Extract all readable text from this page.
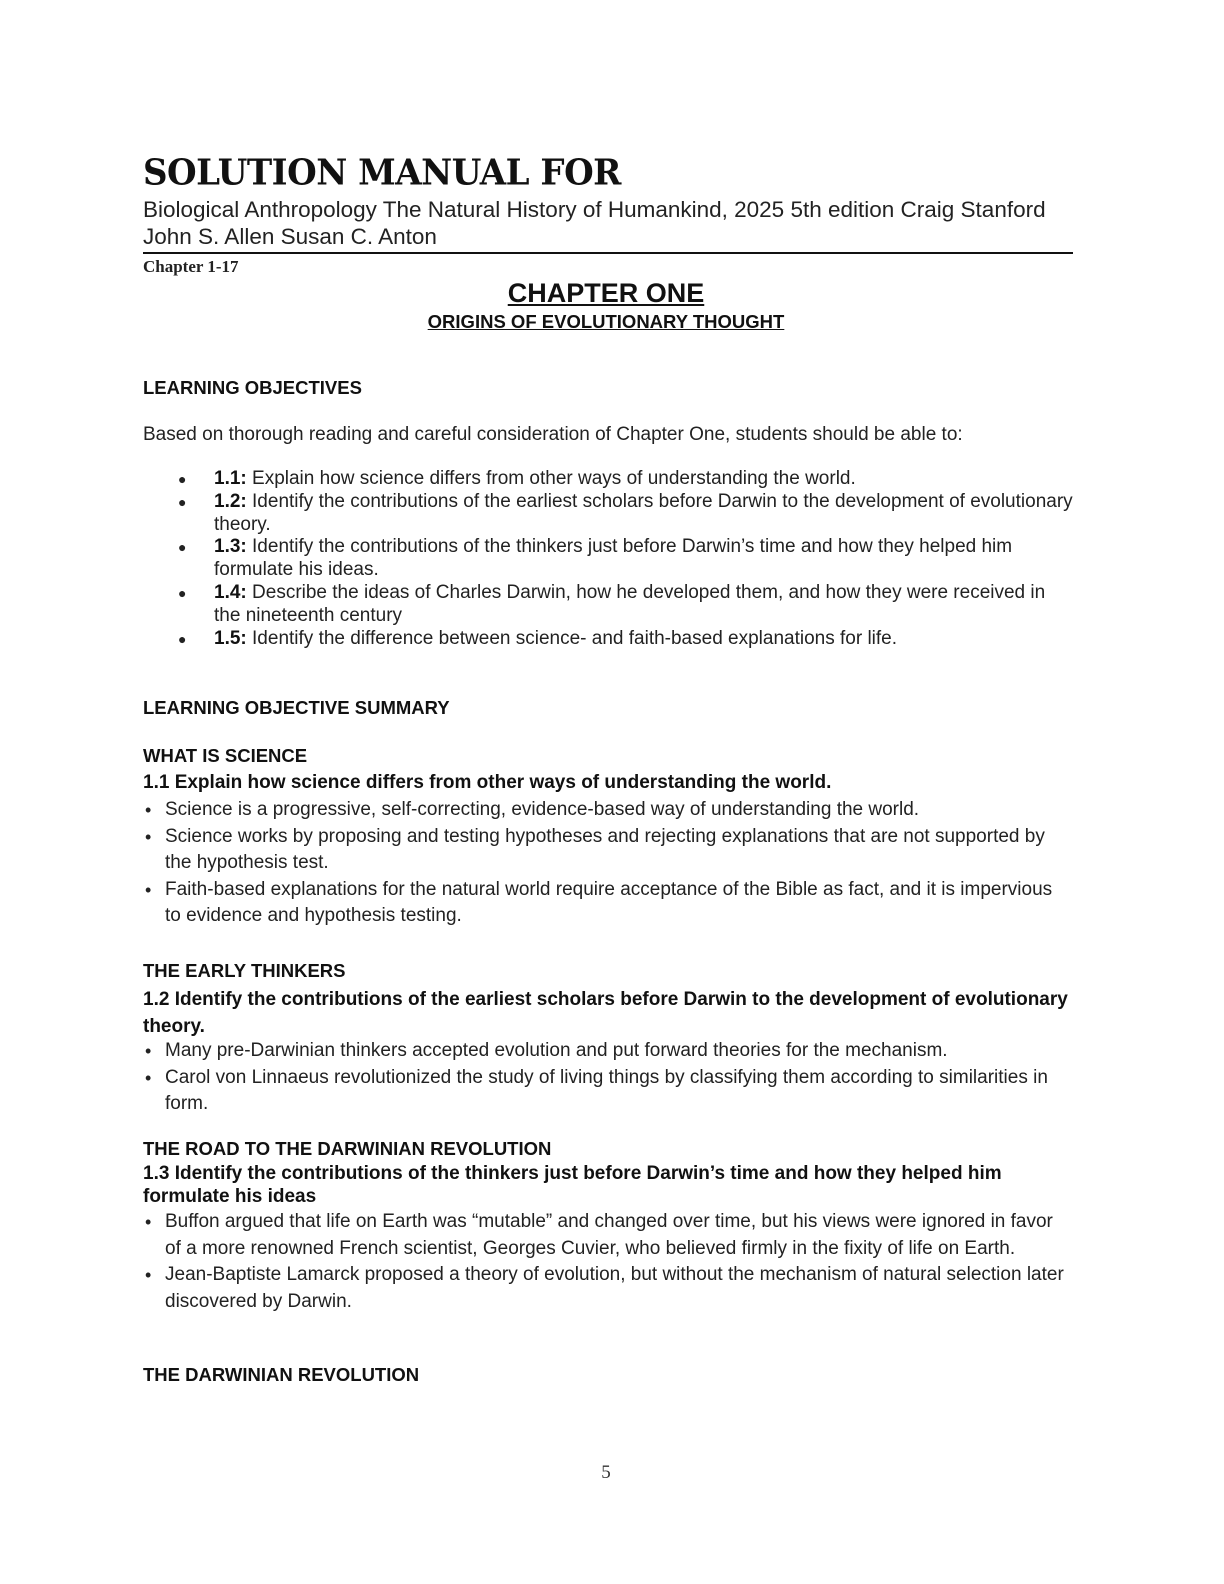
SOLUTION MANUAL FOR

Biological Anthropology The Natural History of Humankind, 2025 5th edition Craig Stanford John S. Allen Susan C. Anton

Chapter 1-17
CHAPTER ONE
ORIGINS OF EVOLUTIONARY THOUGHT
LEARNING OBJECTIVES

Based on thorough reading and careful consideration of Chapter One, students should be able to:

● 1.1: Explain how science differs from other ways of understanding the world.
● 1.2: Identify the contributions of the earliest scholars before Darwin to the development of evolutionary theory.
● 1.3: Identify the contributions of the thinkers just before Darwin’s time and how they helped him formulate his ideas.
● 1.4: Describe the ideas of Charles Darwin, how he developed them, and how they were received in the nineteenth century
● 1.5: Identify the difference between science- and faith-based explanations for life.
LEARNING OBJECTIVE SUMMARY
WHAT IS SCIENCE

1.1 Explain how science differs from other ways of understanding the world.

• Science is a progressive, self-correcting, evidence-based way of understanding the world.
• Science works by proposing and testing hypotheses and rejecting explanations that are not supported by the hypothesis test.
• Faith-based explanations for the natural world require acceptance of the Bible as fact, and it is impervious to evidence and hypothesis testing.
THE EARLY THINKERS

1.2 Identify the contributions of the earliest scholars before Darwin to the development of evolutionary theory.

• Many pre-Darwinian thinkers accepted evolution and put forward theories for the mechanism.
• Carol von Linnaeus revolutionized the study of living things by classifying them according to similarities in form.
THE ROAD TO THE DARWINIAN REVOLUTION

1.3 Identify the contributions of the thinkers just before Darwin’s time and how they helped him formulate his ideas

• Buffon argued that life on Earth was “mutable” and changed over time, but his views were ignored in favor of a more renowned French scientist, Georges Cuvier, who believed firmly in the fixity of life on Earth.
• Jean-Baptiste Lamarck proposed a theory of evolution, but without the mechanism of natural selection later discovered by Darwin.
THE DARWINIAN REVOLUTION
5
